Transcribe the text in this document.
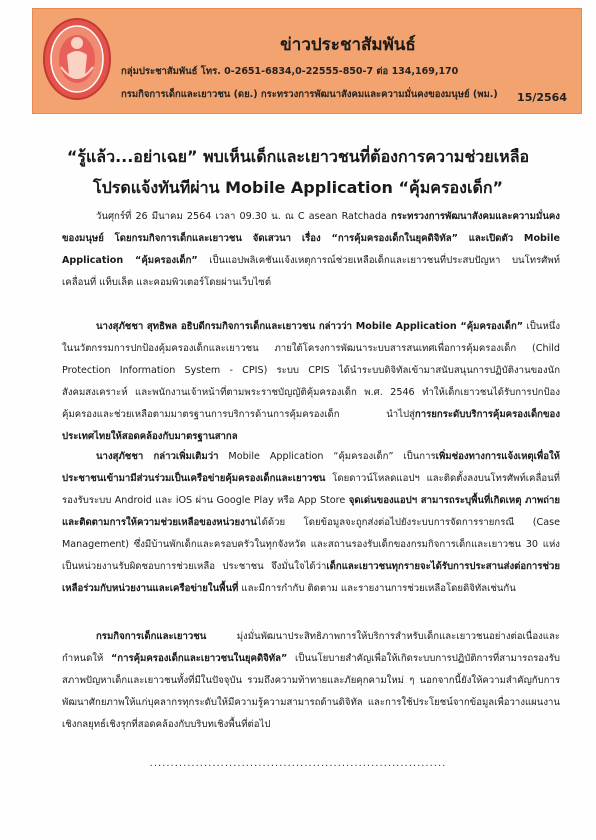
ข่าวประชาสัมพันธ์
กลุ่มประชาสัมพันธ์ โทร. 0-2651-6834,0-22555-850-7 ต่อ 134,169,170
กรมกิจการเด็กและเยาวชน (ดย.) กระทรวงการพัฒนาสังคมและความมั่นคงของมนุษย์ (พม.) 15/2564
“รู้แล้ว...อย่าเฉย” พบเห็นเด็กและเยาวชนที่ต้องการความช่วยเหลือ
โปรดแจ้งทันทีผ่าน Mobile Application “คุ้มครองเด็ก”
วันศุกร์ที่ 26 มีนาคม 2564 เวลา 09.30 น. ณ C asean Ratchada กระทรวงการพัฒนาสังคมและความมั่นคงของมนุษย์ โดยกรมกิจการเด็กและเยาวชน จัดเสวนา เรื่อง “การคุ้มครองเด็กในยุคดิจิทัล” และเปิดตัว Mobile Application “คุ้มครองเด็ก” เป็นแอปพลิเคชันแจ้งเหตุการณ์ช่วยเหลือเด็กและเยาวชนที่ประสบปัญหา บนโทรศัพท์เคลื่อนที่ แท็บเล็ต และคอมพิวเตอร์โดยผ่านเว็บไซต์
นางสุภัชชา สุทธิพล อธิบดีกรมกิจการเด็กและเยาวชน กล่าวว่า Mobile Application “คุ้มครองเด็ก” เป็นหนึ่งในนวัตกรรมการปกป้องคุ้มครองเด็กและเยาวชน ภายใต้โครงการพัฒนาระบบสารสนเทศเพื่อการคุ้มครองเด็ก (Child Protection Information System - CPIS) ระบบ CPIS ได้นำระบบดิจิทัลเข้ามาสนับสนุนการปฏิบัติงานของนักสังคมสงเคราะห์ และพนักงานเจ้าหน้าที่ตามพระราชบัญญัติคุ้มครองเด็ก พ.ศ. 2546 ทำให้เด็กเยาวชนได้รับการปกป้องคุ้มครองและช่วยเหลือตามมาตรฐานการบริการด้านการคุ้มครองเด็ก นำไปสู่การยกระดับบริการคุ้มครองเด็กของประเทศไทยให้สอดคล้องกับมาตรฐานสากล
นางสุภัชชา กล่าวเพิ่มเติมว่า Mobile Application “คุ้มครองเด็ก” เป็นการเพิ่มช่องทางการแจ้งเหตุเพื่อให้ประชาชนเข้ามามีส่วนร่วมเป็นเครือข่ายคุ้มครองเด็กและเยาวชน โดยดาวน์โหลดแอปฯ และติดตั้งลงบนโทรศัพท์เคลื่อนที่รองรับระบบ Android และ iOS ผ่าน Google Play หรือ App Store จุดเด่นของแอปฯ สามารถระบุพื้นที่เกิดเหตุ ภาพถ่าย และติดตามการให้ความช่วยเหลือของหน่วยงานได้ด้วย โดยข้อมูลจะถูกส่งต่อไปยังระบบการจัดการรายกรณี (Case Management) ซึ่งมีบ้านพักเด็กและครอบครัวในทุกจังหวัด และสถานรองรับเด็กของกรมกิจการเด็กและเยาวชน 30 แห่ง เป็นหน่วยงานรับผิดชอบการช่วยเหลือ ประชาชน จึงมั่นใจได้ว่าเด็กและเยาวชนทุกรายจะได้รับการประสานส่งต่อการช่วยเหลือร่วมกับหน่วยงานและเครือข่ายในพื้นที่ และมีการกำกับ ติดตาม และรายงานการช่วยเหลือโดยดิจิทัลเช่นกัน
กรมกิจการเด็กและเยาวชน มุ่งมั่นพัฒนาประสิทธิภาพการให้บริการสำหรับเด็กและเยาวชนอย่างต่อเนื่องและกำหนดให้ “การคุ้มครองเด็กและเยาวชนในยุคดิจิทัล” เป็นนโยบายสำคัญเพื่อให้เกิดระบบการปฏิบัติการที่สามารถรองรับสภาพปัญหาเด็กและเยาวชนทั้งที่มีในปัจจุบัน รวมถึงความท้าทายและภัยคุกคามใหม่ ๆ นอกจากนี้ยังให้ความสำคัญกับการพัฒนาศักยภาพให้แก่บุคลากรทุกระดับให้มีความรู้ความสามารถด้านดิจิทัล และการใช้ประโยชน์จากข้อมูลเพื่อวางแผนงานเชิงกลยุทธ์เชิงรุกที่สอดคล้องกับบริบทเชิงพื้นที่ต่อไป
.......................................................................
